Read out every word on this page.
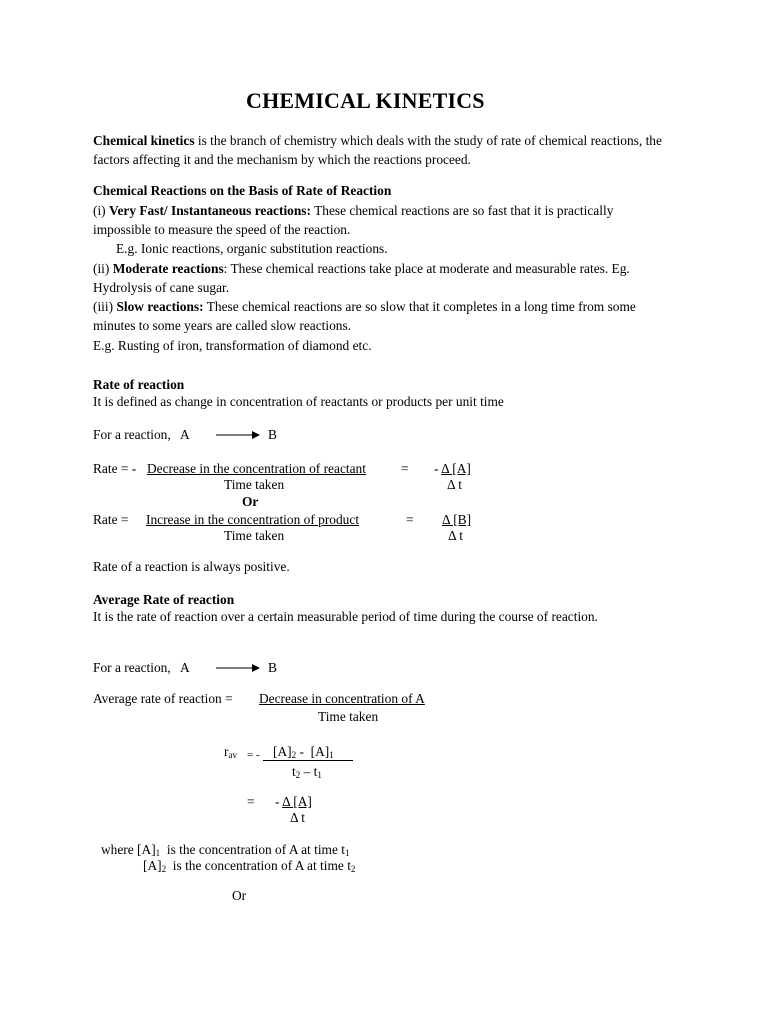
CHEMICAL KINETICS
Chemical kinetics is the branch of chemistry which deals with the study of rate of chemical reactions, the factors affecting it and the mechanism by which the reactions proceed.
Chemical Reactions on the Basis of Rate of Reaction
(i) Very Fast/ Instantaneous reactions: These chemical reactions are so fast that it is practically impossible to measure the speed of the reaction.
E.g. Ionic reactions, organic substitution reactions.
(ii) Moderate reactions: These chemical reactions take place at moderate and measurable rates. Eg. Hydrolysis of cane sugar.
(iii) Slow reactions: These chemical reactions are so slow that it completes in a long time from some minutes to some years are called slow reactions.
E.g. Rusting of iron, transformation of diamond etc.
Rate of reaction
It is defined as change in concentration of reactants or products per unit time
For a reaction,   A → B
Rate = - Decrease in the concentration of reactant
Time taken
= - Δ [A]
Δ t
Or
Rate = Increase in the concentration of product
Time taken
= Δ [B]
Δ t
Rate of a reaction is always positive.
Average Rate of reaction
It is the rate of reaction over a certain measurable period of time during the course of reaction.
For a reaction,   A → B
Average rate of reaction = Decrease in concentration of A
Time taken
$r_{av}$ = - $[A]_2 - [A]_1$
$t_2 - t_1$
= - Δ [A]
Δ t
where $[A]_1$  is the concentration of A at time $t_1$
$[A]_2$  is the concentration of A at time $t_2$
Or
